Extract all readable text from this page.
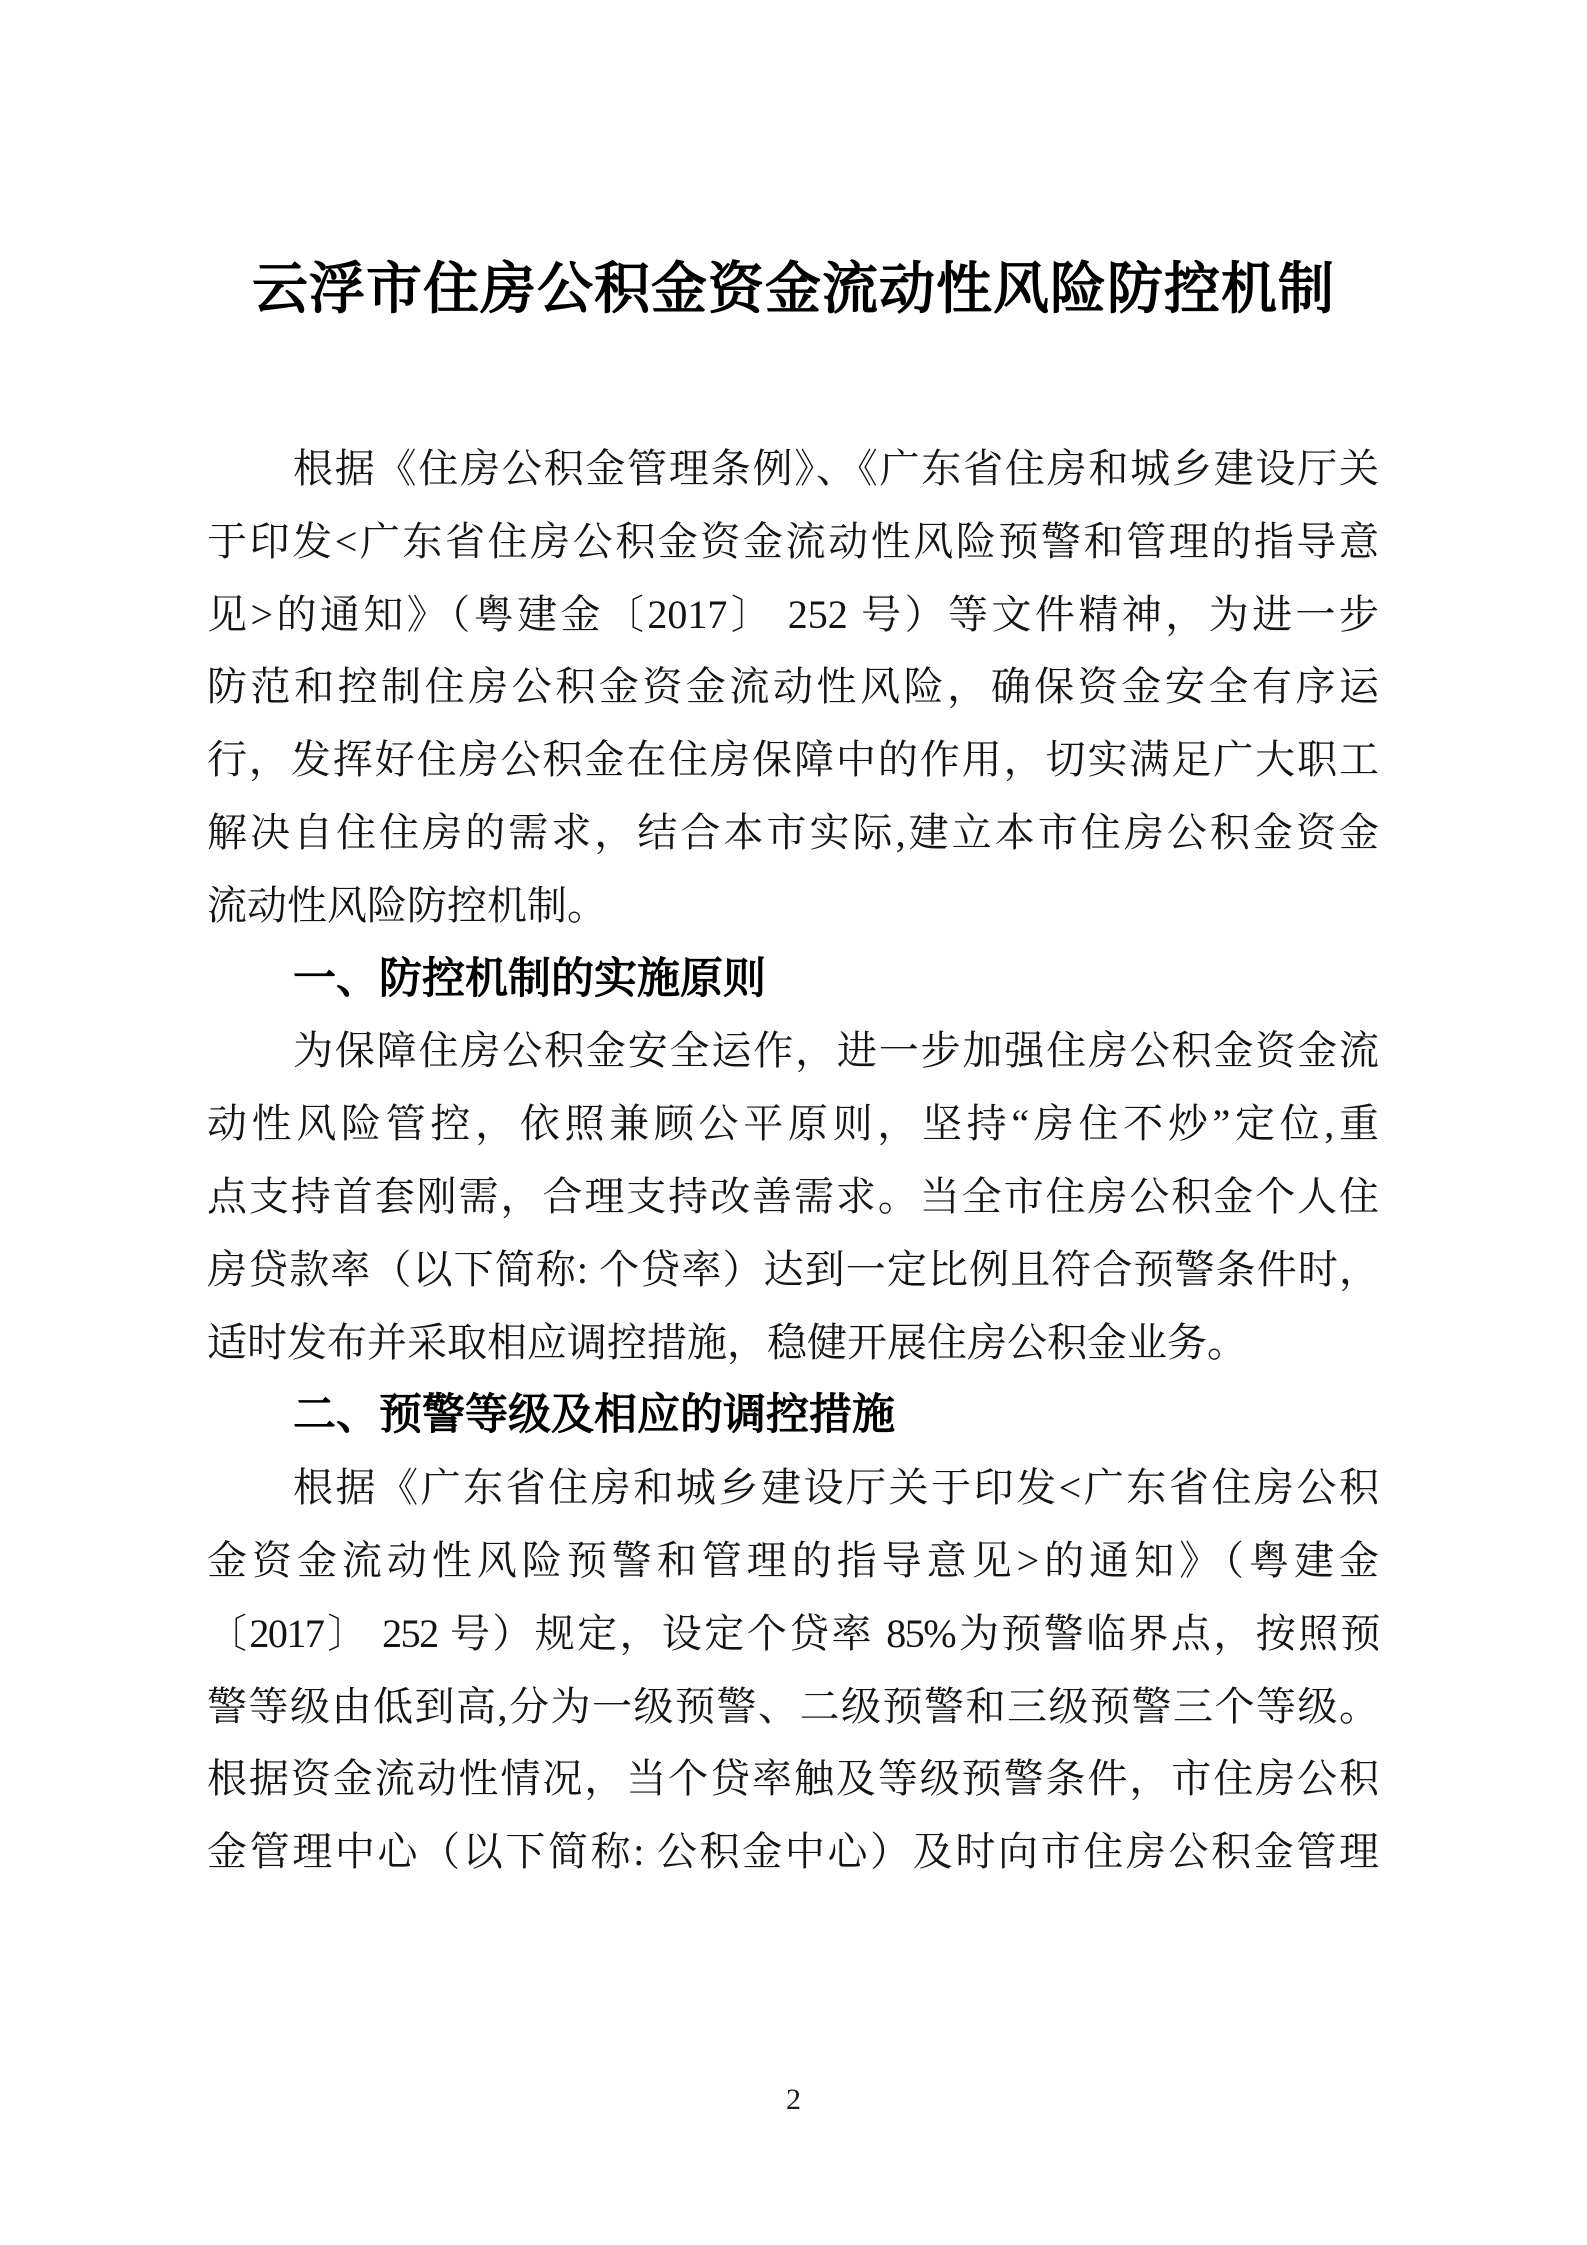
云浮市住房公积金资金流动性风险防控机制
根据《住房公积金管理条例》、《广东省住房和城乡建设厅关
于印发<广东省住房公积金资金流动性风险预警和管理的指导意
见>的通知》（粤建金〔2017〕 252 号）等文件精神，为进一步
防范和控制住房公积金资金流动性风险，确保资金安全有序运
行，发挥好住房公积金在住房保障中的作用，切实满足广大职工
解决自住住房的需求，结合本市实际,建立本市住房公积金资金
流动性风险防控机制。
一、防控机制的实施原则
为保障住房公积金安全运作，进一步加强住房公积金资金流
动性风险管控，依照兼顾公平原则，坚持“房住不炒”定位,重
点支持首套刚需，合理支持改善需求。当全市住房公积金个人住
房贷款率（以下简称: 个贷率）达到一定比例且符合预警条件时，
适时发布并采取相应调控措施，稳健开展住房公积金业务。
二、预警等级及相应的调控措施
根据《广东省住房和城乡建设厅关于印发<广东省住房公积
金资金流动性风险预警和管理的指导意见>的通知》（粤建金
〔2017〕 252 号）规定，设定个贷率 85%为预警临界点，按照预
警等级由低到高,分为一级预警、二级预警和三级预警三个等级。
根据资金流动性情况，当个贷率触及等级预警条件，市住房公积
金管理中心（以下简称: 公积金中心）及时向市住房公积金管理
2
